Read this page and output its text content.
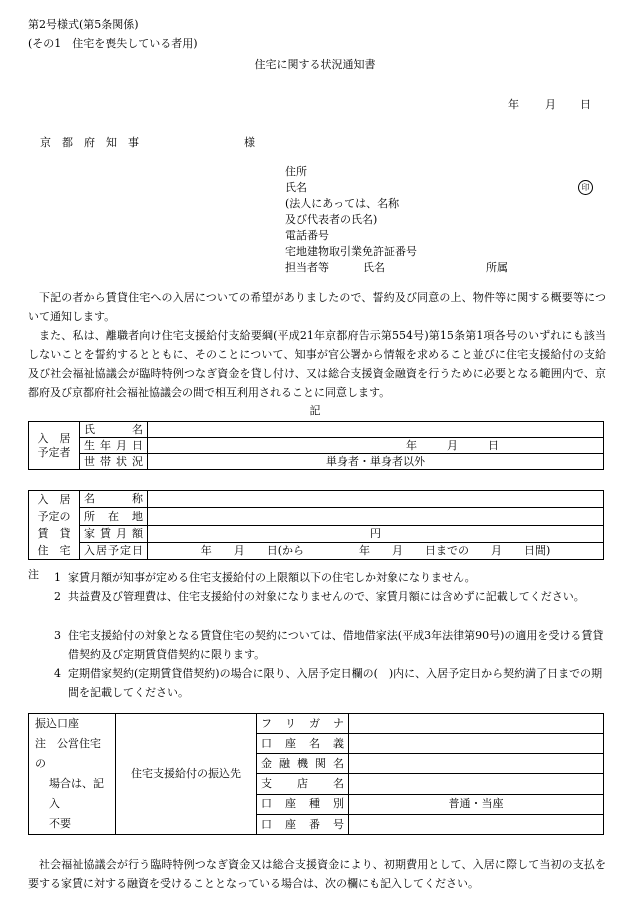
第2号様式(第5条関係)
(その1　住宅を喪失している者用)
住宅に関する状況通知書
年 月 日
京　都　府　知　事	様
住所
氏名	印
(法人にあっては、名称
及び代表者の氏名)
電話番号
宅地建物取引業免許証番号
担当者等	氏名	所属
下記の者から賃貸住宅への入居についての希望がありましたので、誓約及び同意の上、物件等に関する概要等について通知します。
また、私は、離職者向け住宅支援給付支給要綱(平成21年京都府告示第554号)第15条第1項各号のいずれにも該当しないことを誓約するとともに、そのことについて、知事が官公署から情報を求めること並びに住宅支援給付の支給及び社会福祉協議会が臨時特例つなぎ資金を貸し付け、又は総合支援資金融資を行うために必要となる範囲内で、京都府及び京都府社会福祉協議会の間で相互利用されることに同意します。
記
入　居
予定者	氏　　　名	
	生 年 月 日	年 月 日

	世 帯 状 況	単身者・単身者以外
入　居
予定の
賃　貸
住　宅	名　　　称	
	所　在　地	
	家 賃 月 額	円
	入居予定日	年　　月　　日(から　　　　　年　　月　　日までの　　月　　日間)
注 1 家賃月額が知事が定める住宅支援給付の上限額以下の住宅しか対象になりません。
2 共益費及び管理費は、住宅支援給付の対象になりませんので、家賃月額には含めずに記載してください。
3 住宅支援給付の対象となる賃貸住宅の契約については、借地借家法(平成3年法律第90号)の適用を受ける賃貸借契約及び定期賃貸借契約に限ります。
4 定期借家契約(定期賃貸借契約)の場合に限り、入居予定日欄の(　)内に、入居予定日から契約満了日までの期間を記載してください。
振込口座
注　公営住宅の
場合は、記入
不要	住宅支援給付の振込先	フ　リ　ガ　ナ	
		口　座　名　義	
		金 融 機 関 名	
		支　　店　　名	
		口　座　種　別	普通・当座
		口　座　番　号	
社会福祉協議会が行う臨時特例つなぎ資金又は総合支援資金により、初期費用として、入居に際して当初の支払を要する家賃に対する融資を受けることとなっている場合は、次の欄にも記入してください。
